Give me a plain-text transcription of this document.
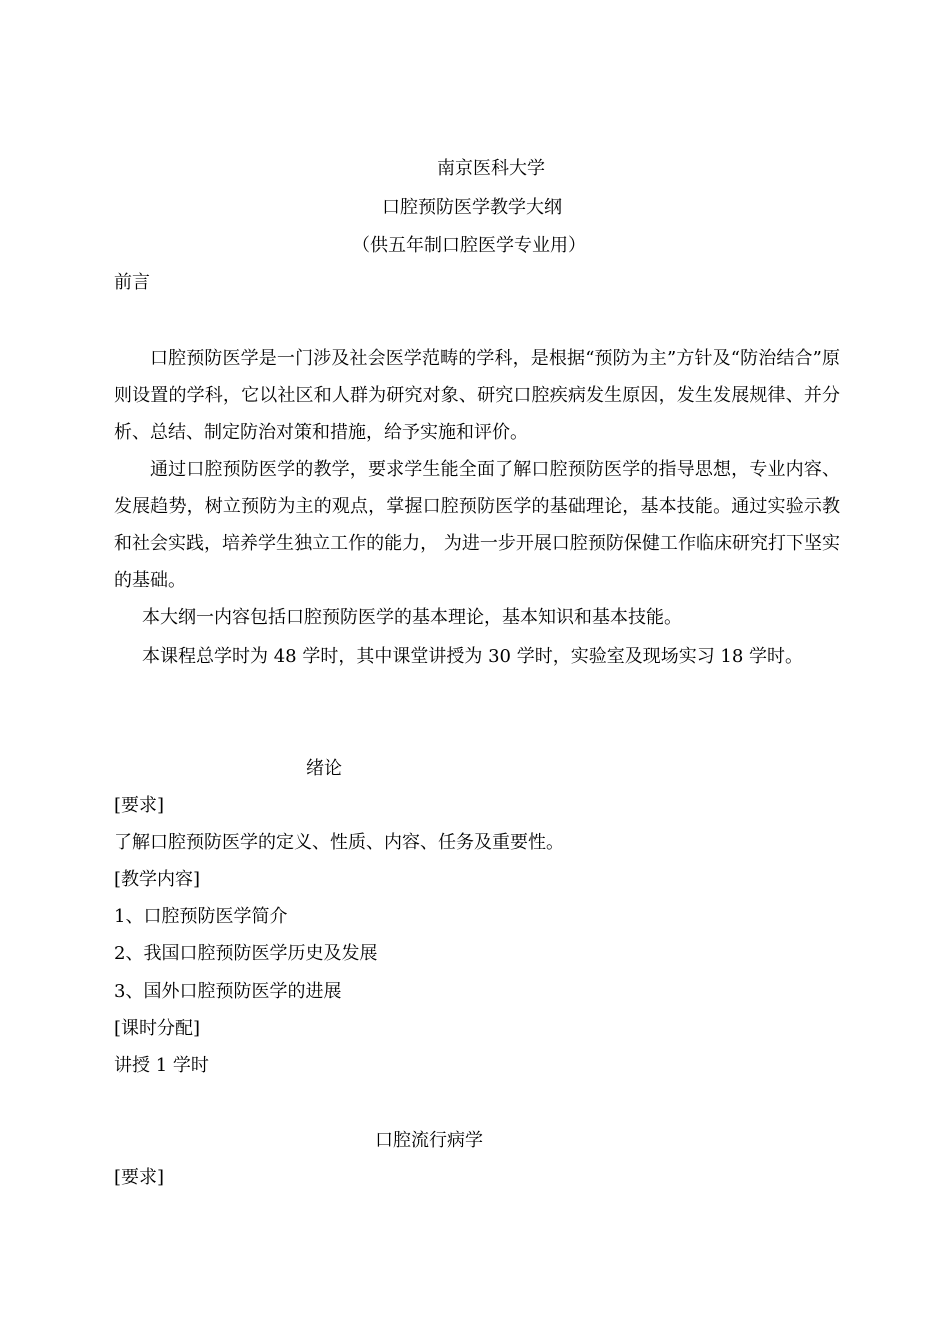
南京医科大学
口腔预防医学教学大纲
（供五年制口腔医学专业用）
前言

口腔预防医学是一门涉及社会医学范畴的学科，是根据“预防为主”方针及“防治结合”原则设置的学科，它以社区和人群为研究对象、研究口腔疾病发生原因，发生发展规律、并分析、总结、制定防治对策和措施，给予实施和评价。

通过口腔预防医学的教学，要求学生能全面了解口腔预防医学的指导思想，专业内容、发展趋势，树立预防为主的观点，掌握口腔预防医学的基础理论，基本技能。通过实验示教和社会实践，培养学生独立工作的能力， 为进一步开展口腔预防保健工作临床研究打下坚实的基础。

本大纲一内容包括口腔预防医学的基本理论，基本知识和基本技能。
本课程总学时为 48 学时，其中课堂讲授为 30 学时，实验室及现场实习 18 学时。
绪论
[要求]
了解口腔预防医学的定义、性质、内容、任务及重要性。
[教学内容]
1、口腔预防医学简介
2、我国口腔预防医学历史及发展
3、国外口腔预防医学的进展
[课时分配]
讲授 1 学时
口腔流行病学
[要求]
